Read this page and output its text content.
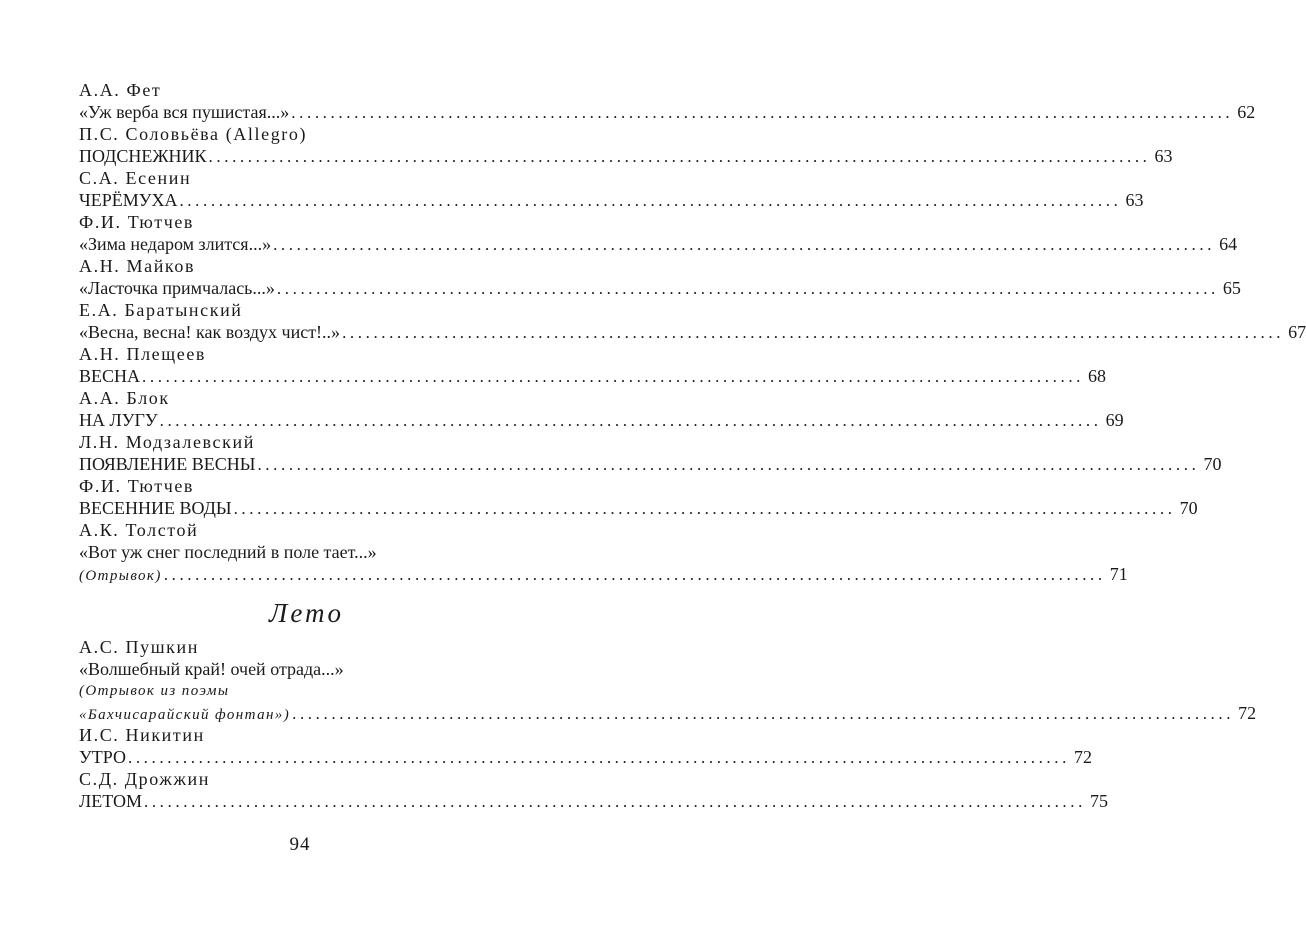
А.А. Фет
«Уж верба вся пушистая...» ........................................................................................................................ 62
П.С. Соловьёва (Allegro)
ПОДСНЕЖНИК ........................................................................................................................ 63
С.А. Есенин
ЧЕРЁМУХА ........................................................................................................................ 63
Ф.И. Тютчев
«Зима недаром злится...» ........................................................................................................................ 64
А.Н. Майков
«Ласточка примчалась...» ........................................................................................................................ 65
Е.А. Баратынский
«Весна, весна! как воздух чист!..» ........................................................................................................................ 67
А.Н. Плещеев
ВЕСНА ........................................................................................................................ 68
А.А. Блок
НА ЛУГУ ........................................................................................................................ 69
Л.Н. Модзалевский
ПОЯВЛЕНИЕ ВЕСНЫ ........................................................................................................................ 70
Ф.И. Тютчев
ВЕСЕННИЕ ВОДЫ ........................................................................................................................ 70
А.К. Толстой
«Вот уж снег последний в поле тает...»
(Отрывок) ........................................................................................................................ 71
Лето
А.С. Пушкин
«Волшебный край! очей отрада...»
(Отрывок из поэмы
«Бахчисарайский фонтан») ........................................................................................................................ 72
И.С. Никитин
УТРО ........................................................................................................................ 72
С.Д. Дрожжин
ЛЕТОМ ........................................................................................................................ 75
94
